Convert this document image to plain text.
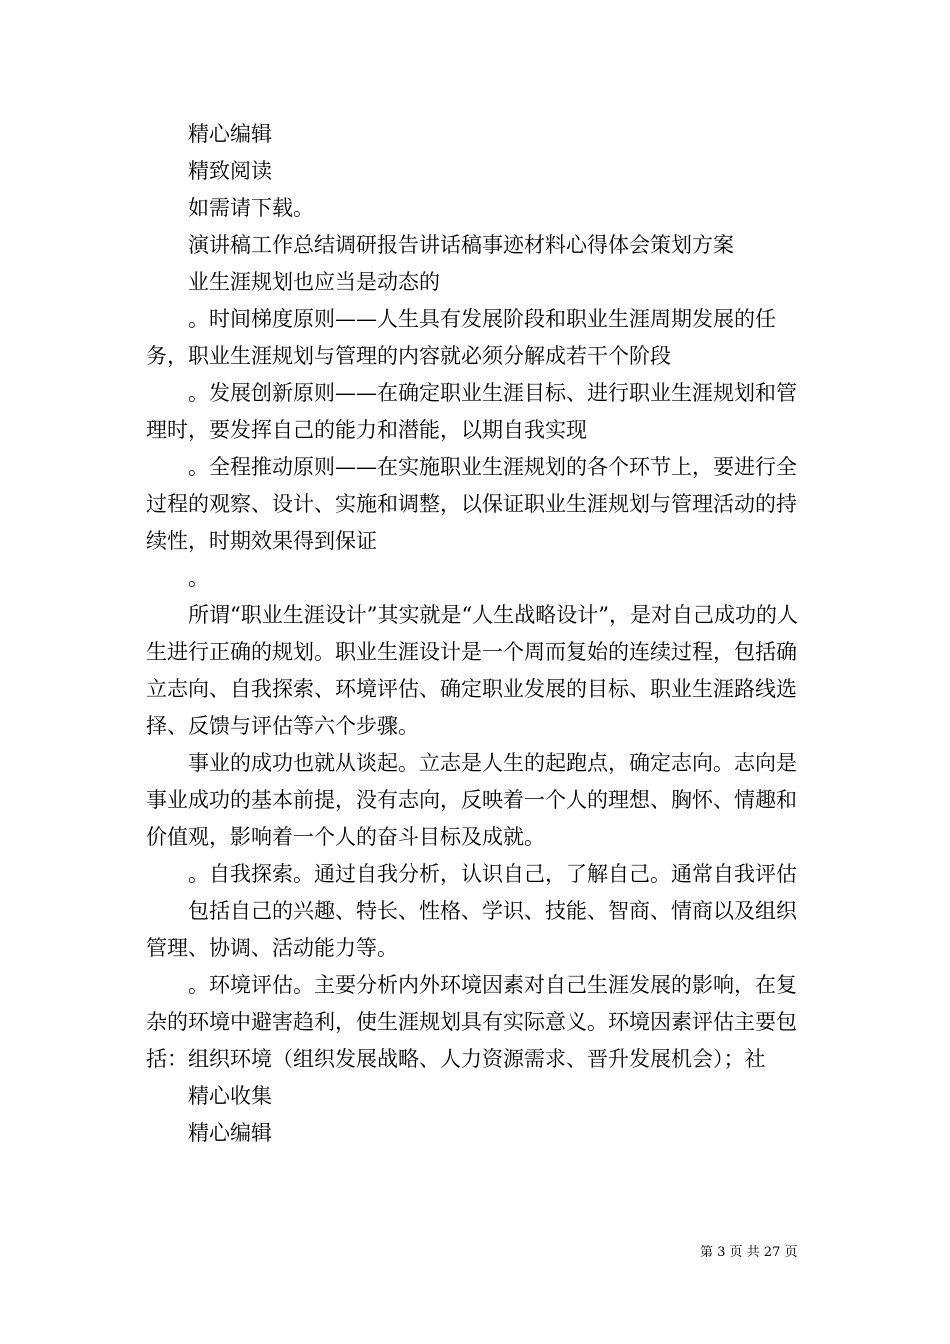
精心编辑

精致阅读

如需请下载。

演讲稿工作总结调研报告讲话稿事迹材料心得体会策划方案

业生涯规划也应当是动态的

。时间梯度原则——人生具有发展阶段和职业生涯周期发展的任务，职业生涯规划与管理的内容就必须分解成若干个阶段

。发展创新原则——在确定职业生涯目标、进行职业生涯规划和管理时，要发挥自己的能力和潜能，以期自我实现

。全程推动原则——在实施职业生涯规划的各个环节上，要进行全过程的观察、设计、实施和调整，以保证职业生涯规划与管理活动的持续性，时期效果得到保证

。

所谓“职业生涯设计”其实就是“人生战略设计”，是对自己成功的人生进行正确的规划。职业生涯设计是一个周而复始的连续过程，包括确立志向、自我探索、环境评估、确定职业发展的目标、职业生涯路线选择、反馈与评估等六个步骤。

事业的成功也就从谈起。立志是人生的起跑点，确定志向。志向是事业成功的基本前提，没有志向，反映着一个人的理想、胸怀、情趣和价值观，影响着一个人的奋斗目标及成就。

。自我探索。通过自我分析，认识自己，了解自己。通常自我评估

包括自己的兴趣、特长、性格、学识、技能、智商、情商以及组织管理、协调、活动能力等。

。环境评估。主要分析内外环境因素对自己生涯发展的影响，在复杂的环境中避害趋利，使生涯规划具有实际意义。环境因素评估主要包括：组织环境（组织发展战略、人力资源需求、晋升发展机会）；社

精心收集

精心编辑

第 3 页 共 27 页
